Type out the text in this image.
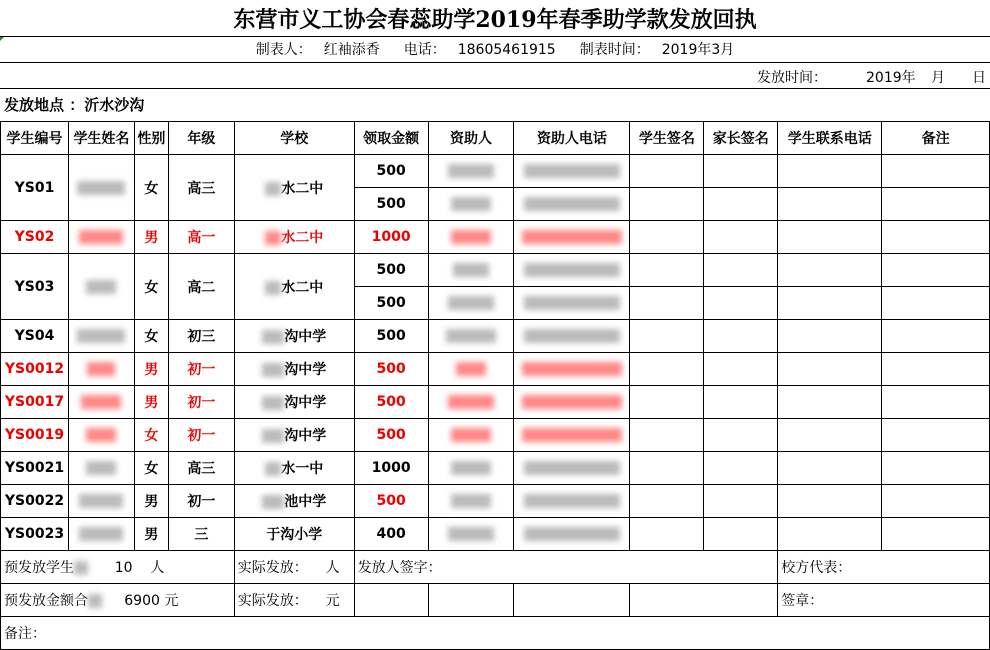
东营市义工协会春蕊助学2019年春季助学款发放回执
制表人： 红袖添香	电话： 18605461915	制表时间： 2019年3月
发放时间：	2019年 月 日
发放地点 ：沂水沙沟
学生编号	学生姓名	性别	年级	学校	领取金额	资助人	资助人电话	学生签名	家长签名	学生联系电话	备注
YS01		女	高三	水二中	500						
					500						
YS02		男	高一	水二中	1000						
YS03		女	高二	水二中	500						
					500						
YS04		女	初三	沟中学	500						
YS0012		男	初一	沟中学	500						
YS0017		男	初一	沟中学	500						
YS0019		女	初一	沟中学	500						
YS0021		女	高三	水一中	1000						
YS0022		男	初一	池中学	500						
YS0023		男	三	于沟小学	400						
预发放学生 10 人				实际发放： 人	发放人签字：					校方代表：	
预发放金额合 6900 元				实际发放： 元						签章：	
备注：											
